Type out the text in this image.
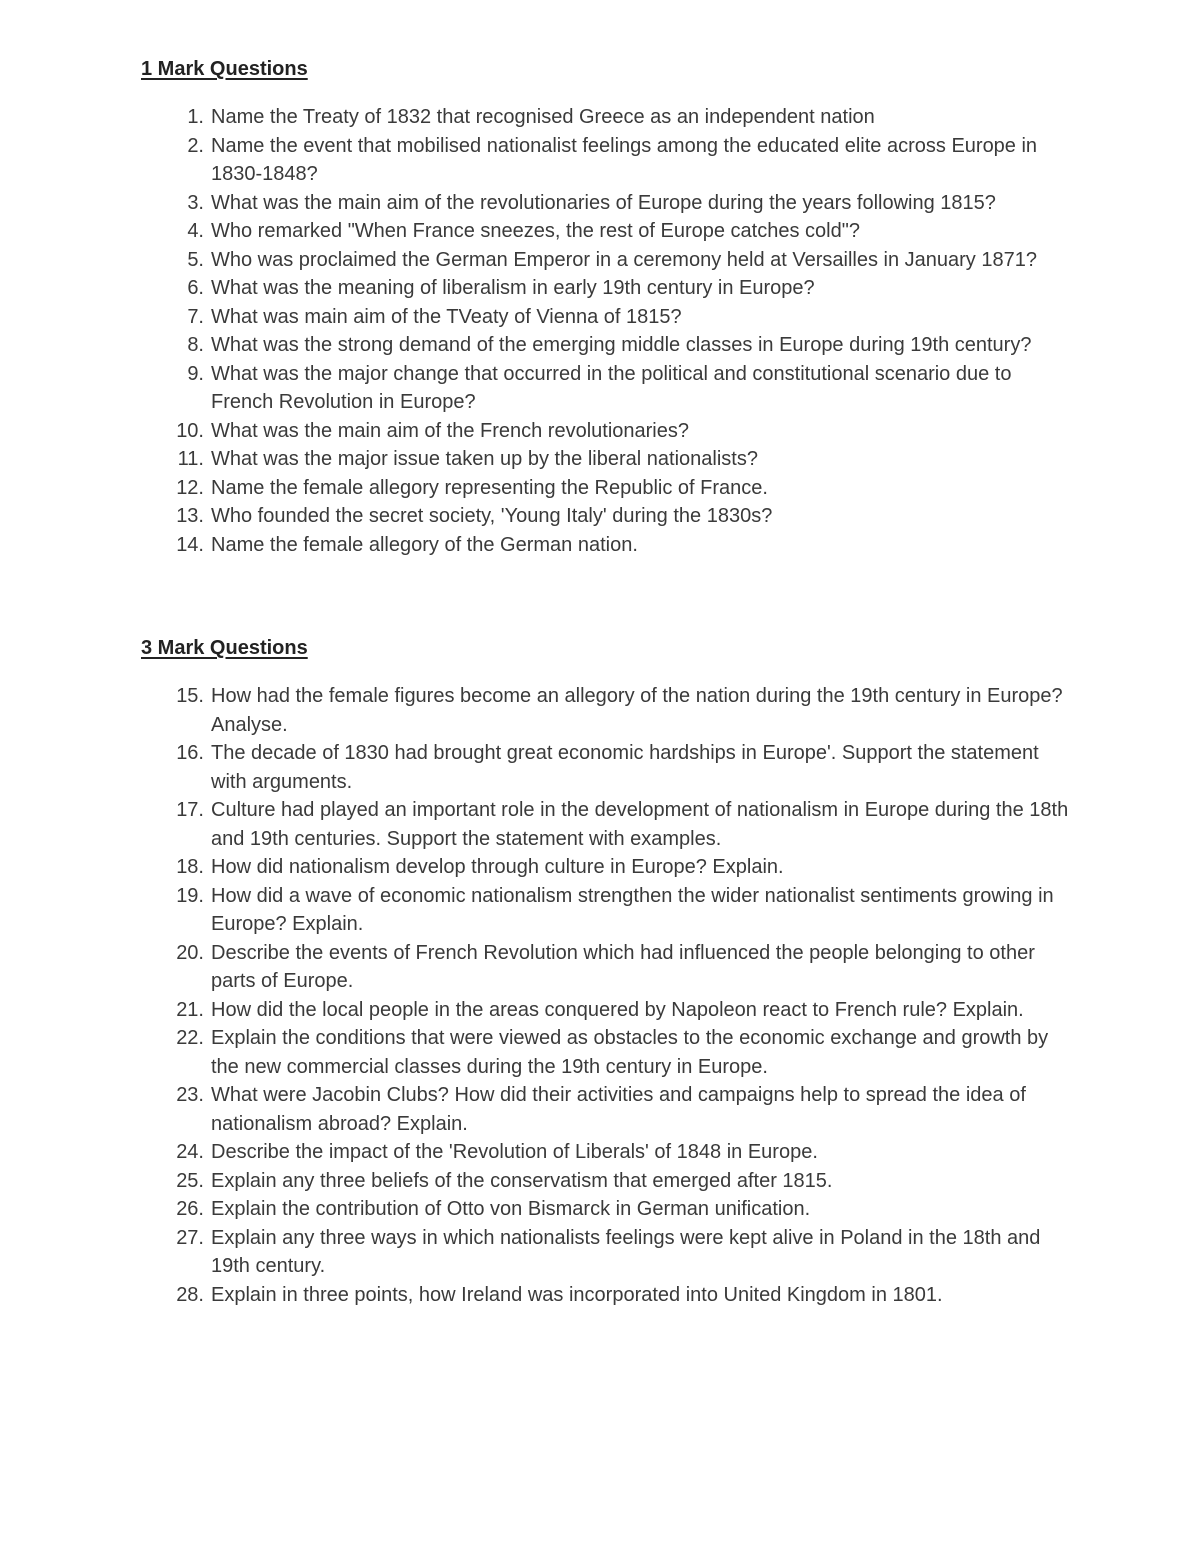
1 Mark Questions
1. Name the Treaty of 1832 that recognised Greece as an independent nation
2. Name the event that mobilised nationalist feelings among the educated elite across Europe in 1830-1848?
3. What was the main aim of the revolutionaries of Europe during the years following 1815?
4. Who remarked "When France sneezes, the rest of Europe catches cold"?
5. Who was proclaimed the German Emperor in a ceremony held at Versailles in January 1871?
6. What was the meaning of liberalism in early 19th century in Europe?
7. What was main aim of the TVeaty of Vienna of 1815?
8. What was the strong demand of the emerging middle classes in Europe during 19th century?
9. What was the major change that occurred in the political and constitutional scenario due to French Revolution in Europe?
10. What was the main aim of the French revolutionaries?
11. What was the major issue taken up by the liberal nationalists?
12. Name the female allegory representing the Republic of France.
13. Who founded the secret society, 'Young Italy' during the 1830s?
14. Name the female allegory of the German nation.
3 Mark Questions
15. How had the female figures become an allegory of the nation during the 19th century in Europe? Analyse.
16. The decade of 1830 had brought great economic hardships in Europe'. Support the statement with arguments.
17. Culture had played an important role in the development of nationalism in Europe during the 18th and 19th centuries. Support the statement with examples.
18. How did nationalism develop through culture in Europe? Explain.
19. How did a wave of economic nationalism strengthen the wider nationalist sentiments growing in Europe? Explain.
20. Describe the events of French Revolution which had influenced the people belonging to other parts of Europe.
21. How did the local people in the areas conquered by Napoleon react to French rule? Explain.
22. Explain the conditions that were viewed as obstacles to the economic exchange and growth by the new commercial classes during the 19th century in Europe.
23. What were Jacobin Clubs? How did their activities and campaigns help to spread the idea of nationalism abroad? Explain.
24. Describe the impact of the 'Revolution of Liberals' of 1848 in Europe.
25. Explain any three beliefs of the conservatism that emerged after 1815.
26. Explain the contribution of Otto von Bismarck in German unification.
27. Explain any three ways in which nationalists feelings were kept alive in Poland in the 18th and 19th century.
28. Explain in three points, how Ireland was incorporated into United Kingdom in 1801.
